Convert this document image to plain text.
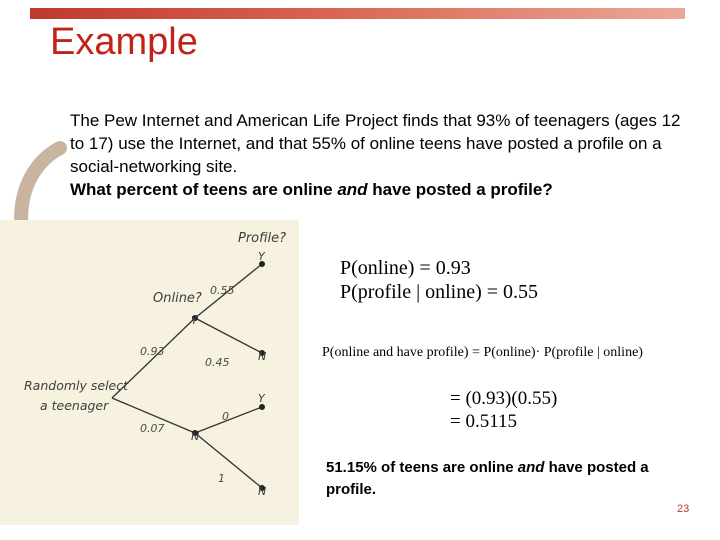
Example
The Pew Internet and American Life Project finds that 93% of teenagers (ages 12 to 17) use the Internet, and that 55% of online teens have posted a profile on a social-networking site.
What percent of teens are online and have posted a profile?
Profile?
Online?
Randomly select
a teenager
Y
Y
N
Y
N
N
0.93
0.07
0.55
0.45
0
1
P(online) = 0.93
P(profile | online) = 0.55
P(online and have profile) = P(online)· P(profile | online)
= (0.93)(0.55)
= 0.5115
51.15% of teens are online and have posted a profile.
23
